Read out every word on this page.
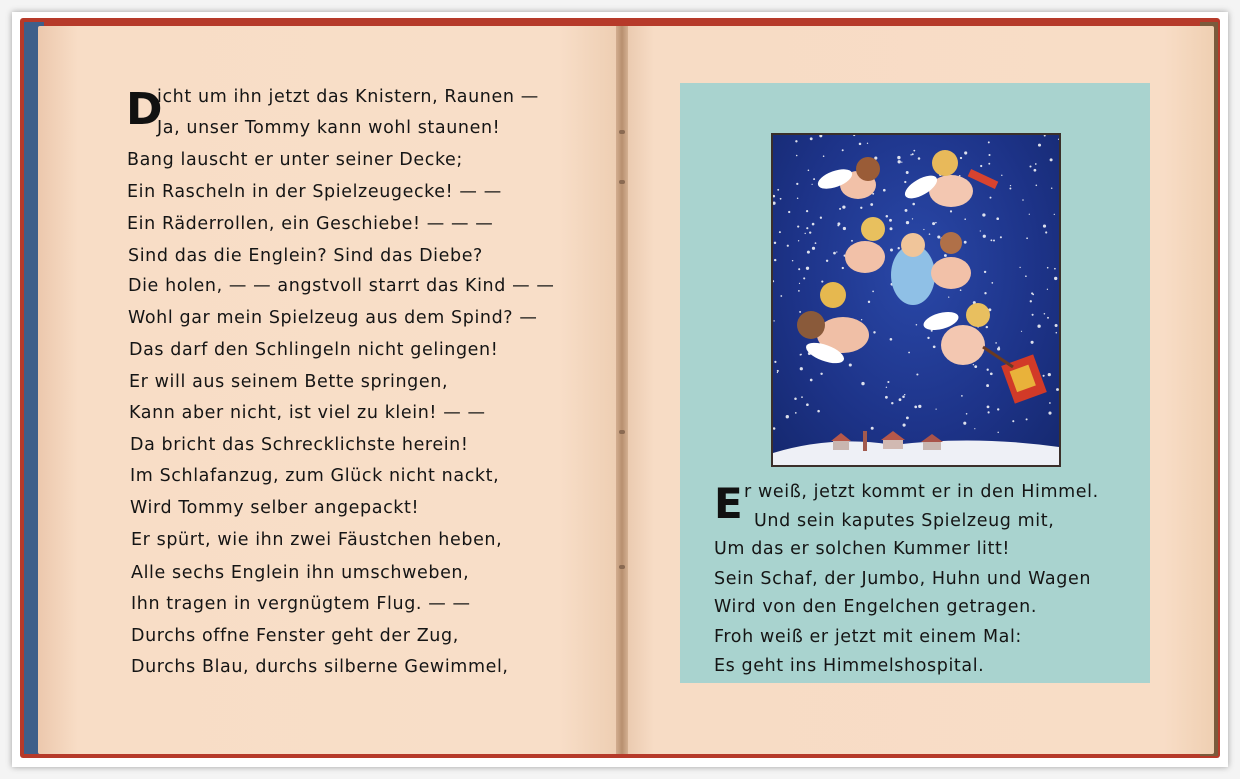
D
icht um ihn jetzt das Knistern, Raunen —
Ja, unser Tommy kann wohl staunen!
Bang lauscht er unter seiner Decke;
Ein Rascheln in der Spielzeugecke! — —
Ein Räderrollen, ein Geschiebe! — — —
Sind das die Englein? Sind das Diebe?
Die holen, — — angstvoll starrt das Kind — —
Wohl gar mein Spielzeug aus dem Spind? —
Das darf den Schlingeln nicht gelingen!
Er will aus seinem Bette springen,
Kann aber nicht, ist viel zu klein! — —
Da bricht das Schrecklichste herein!
Im Schlafanzug, zum Glück nicht nackt,
Wird Tommy selber angepackt!
Er spürt, wie ihn zwei Fäustchen heben,
Alle sechs Englein ihn umschweben,
Ihn tragen in vergnügtem Flug. — —
Durchs offne Fenster geht der Zug,
Durchs Blau, durchs silberne Gewimmel,
E r weiß, jetzt kommt er in den Himmel.
Und sein kaputes Spielzeug mit,
Um das er solchen Kummer litt!
Sein Schaf, der Jumbo, Huhn und Wagen
Wird von den Engelchen getragen.
Froh weiß er jetzt mit einem Mal:
Es geht ins Himmelshospital.
